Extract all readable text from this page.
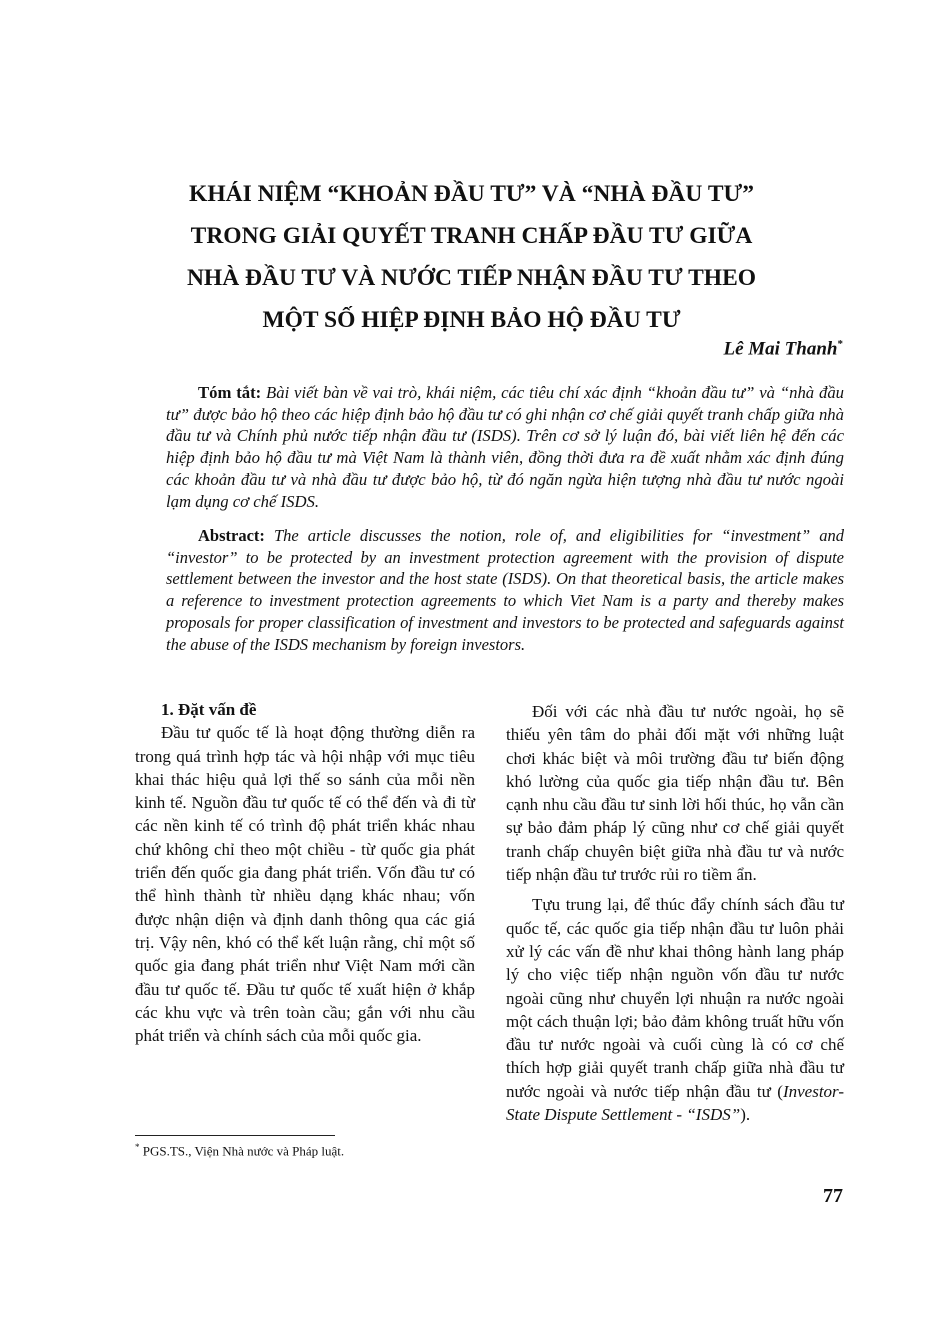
KHÁI NIỆM “KHOẢN ĐẦU TƯ” VÀ “NHÀ ĐẦU TƯ”
TRONG GIẢI QUYẾT TRANH CHẤP ĐẦU TƯ GIỮA
NHÀ ĐẦU TƯ VÀ NƯỚC TIẾP NHẬN ĐẦU TƯ THEO
MỘT SỐ HIỆP ĐỊNH BẢO HỘ ĐẦU TƯ
Lê Mai Thanh*
Tóm tắt: Bài viết bàn về vai trò, khái niệm, các tiêu chí xác định “khoản đầu tư” và “nhà đầu tư” được bảo hộ theo các hiệp định bảo hộ đầu tư có ghi nhận cơ chế giải quyết tranh chấp giữa nhà đầu tư và Chính phủ nước tiếp nhận đầu tư (ISDS). Trên cơ sở lý luận đó, bài viết liên hệ đến các hiệp định bảo hộ đầu tư mà Việt Nam là thành viên, đồng thời đưa ra đề xuất nhằm xác định đúng các khoản đầu tư và nhà đầu tư được bảo hộ, từ đó ngăn ngừa hiện tượng nhà đầu tư nước ngoài lạm dụng cơ chế ISDS.
Abstract: The article discusses the notion, role of, and eligibilities for “investment” and “investor” to be protected by an investment protection agreement with the provision of dispute settlement between the investor and the host state (ISDS). On that theoretical basis, the article makes a reference to investment protection agreements to which Viet Nam is a party and thereby makes proposals for proper classification of investment and investors to be protected and safeguards against the abuse of the ISDS mechanism by foreign investors.

1. Đặt vấn đề

Đầu tư quốc tế là hoạt động thường diễn ra trong quá trình hợp tác và hội nhập với mục tiêu khai thác hiệu quả lợi thế so sánh của mỗi nền kinh tế. Nguồn đầu tư quốc tế có thể đến và đi từ các nền kinh tế có trình độ phát triển khác nhau chứ không chỉ theo một chiều - từ quốc gia phát triển đến quốc gia đang phát triển. Vốn đầu tư có thể hình thành từ nhiều dạng khác nhau; vốn được nhận diện và định danh thông qua các giá trị. Vậy nên, khó có thể kết luận rằng, chỉ một số quốc gia đang phát triển như Việt Nam mới cần đầu tư quốc tế. Đầu tư quốc tế xuất hiện ở khắp các khu vực và trên toàn cầu; gắn với nhu cầu phát triển và chính sách của mỗi quốc gia.

Đối với các nhà đầu tư nước ngoài, họ sẽ thiếu yên tâm do phải đối mặt với những luật chơi khác biệt và môi trường đầu tư biến động khó lường của quốc gia tiếp nhận đầu tư. Bên cạnh nhu cầu đầu tư sinh lời hối thúc, họ vẫn cần sự bảo đảm pháp lý cũng như cơ chế giải quyết tranh chấp chuyên biệt giữa nhà đầu tư và nước tiếp nhận đầu tư trước rủi ro tiềm ẩn.

Tựu trung lại, để thúc đẩy chính sách đầu tư quốc tế, các quốc gia tiếp nhận đầu tư luôn phải xử lý các vấn đề như khai thông hành lang pháp lý cho việc tiếp nhận nguồn vốn đầu tư nước ngoài cũng như chuyển lợi nhuận ra nước ngoài một cách thuận lợi; bảo đảm không truất hữu vốn đầu tư nước ngoài và cuối cùng là có cơ chế thích hợp giải quyết tranh chấp giữa nhà đầu tư nước ngoài và nước tiếp nhận đầu tư (Investor-State Dispute Settlement - “ISDS”).

* PGS.TS., Viện Nhà nước và Pháp luật.
77
